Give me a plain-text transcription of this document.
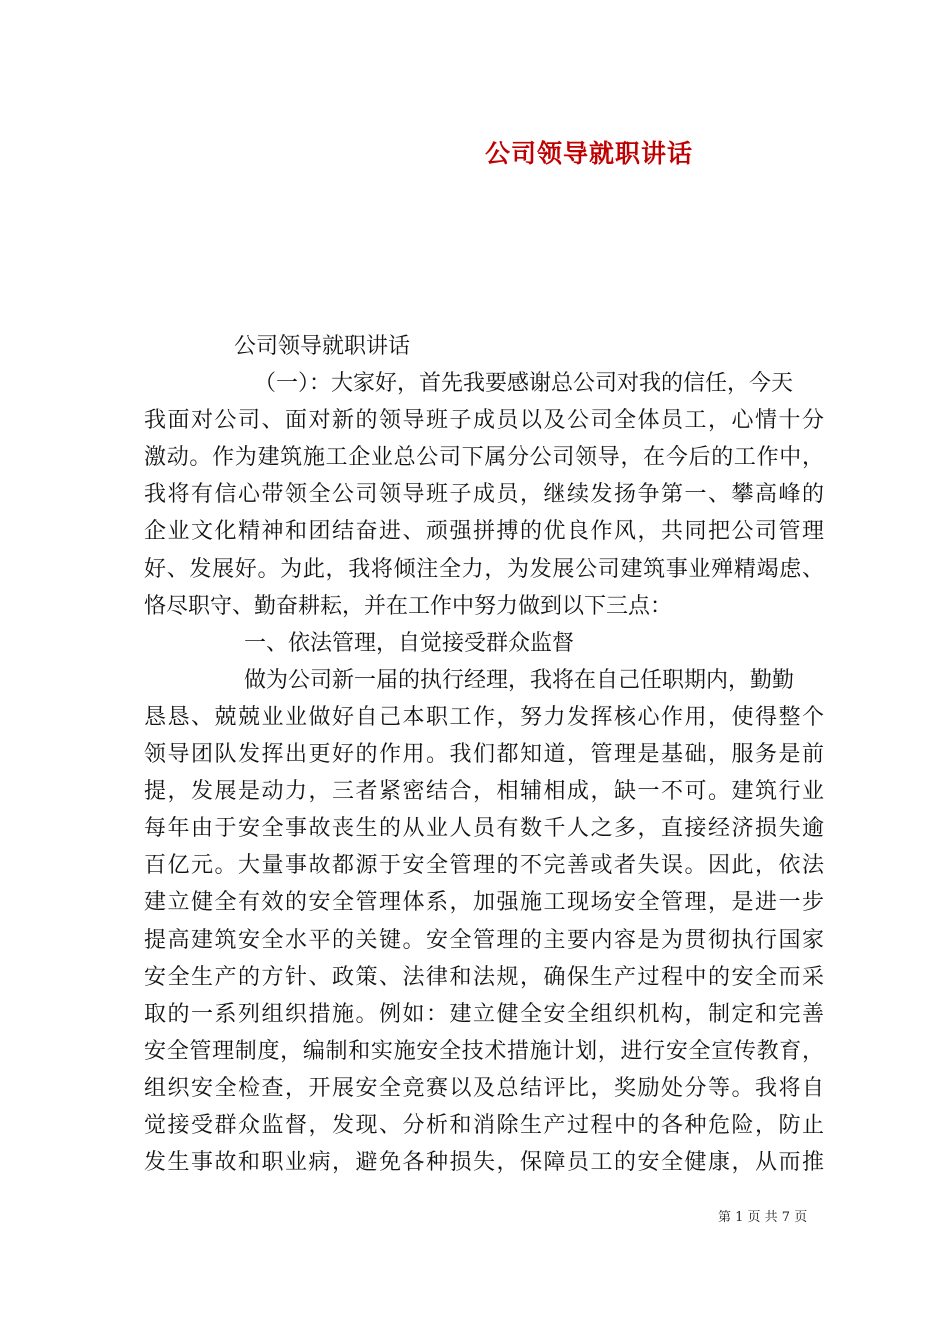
公司领导就职讲话
公司领导就职讲话
（一）：大家好，首先我要感谢总公司对我的信任，今天
我面对公司、面对新的领导班子成员以及公司全体员工，心情十分
激动。作为建筑施工企业总公司下属分公司领导，在今后的工作中，
我将有信心带领全公司领导班子成员，继续发扬争第一、攀高峰的
企业文化精神和团结奋进、顽强拼搏的优良作风，共同把公司管理
好、发展好。为此，我将倾注全力，为发展公司建筑事业殚精竭虑、
恪尽职守、勤奋耕耘，并在工作中努力做到以下三点：
一、依法管理，自觉接受群众监督
做为公司新一届的执行经理，我将在自己任职期内，勤勤
恳恳、兢兢业业做好自己本职工作，努力发挥核心作用，使得整个
领导团队发挥出更好的作用。我们都知道，管理是基础，服务是前
提，发展是动力，三者紧密结合，相辅相成，缺一不可。建筑行业
每年由于安全事故丧生的从业人员有数千人之多，直接经济损失逾
百亿元。大量事故都源于安全管理的不完善或者失误。因此，依法
建立健全有效的安全管理体系，加强施工现场安全管理，是进一步
提高建筑安全水平的关键。安全管理的主要内容是为贯彻执行国家
安全生产的方针、政策、法律和法规，确保生产过程中的安全而采
取的一系列组织措施。例如：建立健全安全组织机构，制定和完善
安全管理制度，编制和实施安全技术措施计划，进行安全宣传教育，
组织安全检查，开展安全竞赛以及总结评比，奖励处分等。我将自
觉接受群众监督，发现、分析和消除生产过程中的各种危险，防止
发生事故和职业病，避免各种损失，保障员工的安全健康，从而推
第 1 页 共 7 页
